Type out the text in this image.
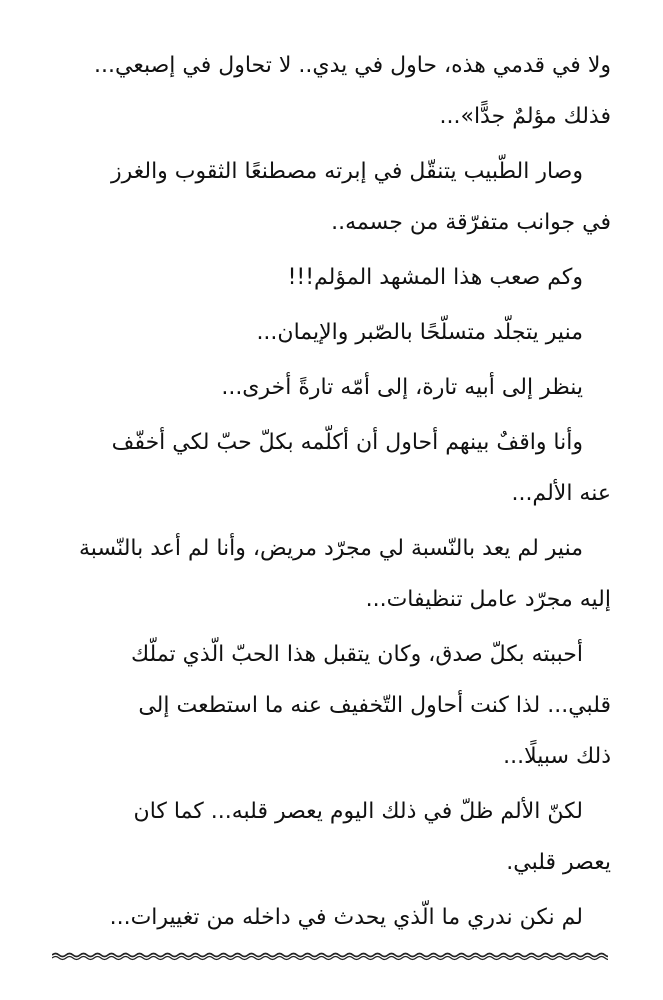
ولا في قدمي هذه، حاول في يدي.. لا تحاول في إصبعي...
فذلك مؤلمٌ جدًّا»...
وصار الطّبيب يتنقّل في إبرته مصطنعًا الثقوب والغرز
في جوانب متفرّقة من جسمه..
وكم صعب هذا المشهد المؤلم!!!
منير يتجلّد متسلّحًا بالصّبر والإيمان...
ينظر إلى أبيه تارة، إلى أمّه تارةً أخرى...
وأنا واقفٌ بينهم أحاول أن أكلّمه بكلّ حبّ لكي أخفّف
عنه الألم...
منير لم يعد بالنّسبة لي مجرّد مريض، وأنا لم أعد بالنّسبة
إليه مجرّد عامل تنظيفات...
أحببته بكلّ صدق، وكان يتقبل هذا الحبّ الّذي تملّك
قلبي... لذا كنت أحاول التّخفيف عنه ما استطعت إلى
ذلك سبيلًا...
لكنّ الألم ظلّ في ذلك اليوم يعصر قلبه... كما كان
يعصر قلبي.
لم نكن ندري ما الّذي يحدث في داخله من تغييرات...
